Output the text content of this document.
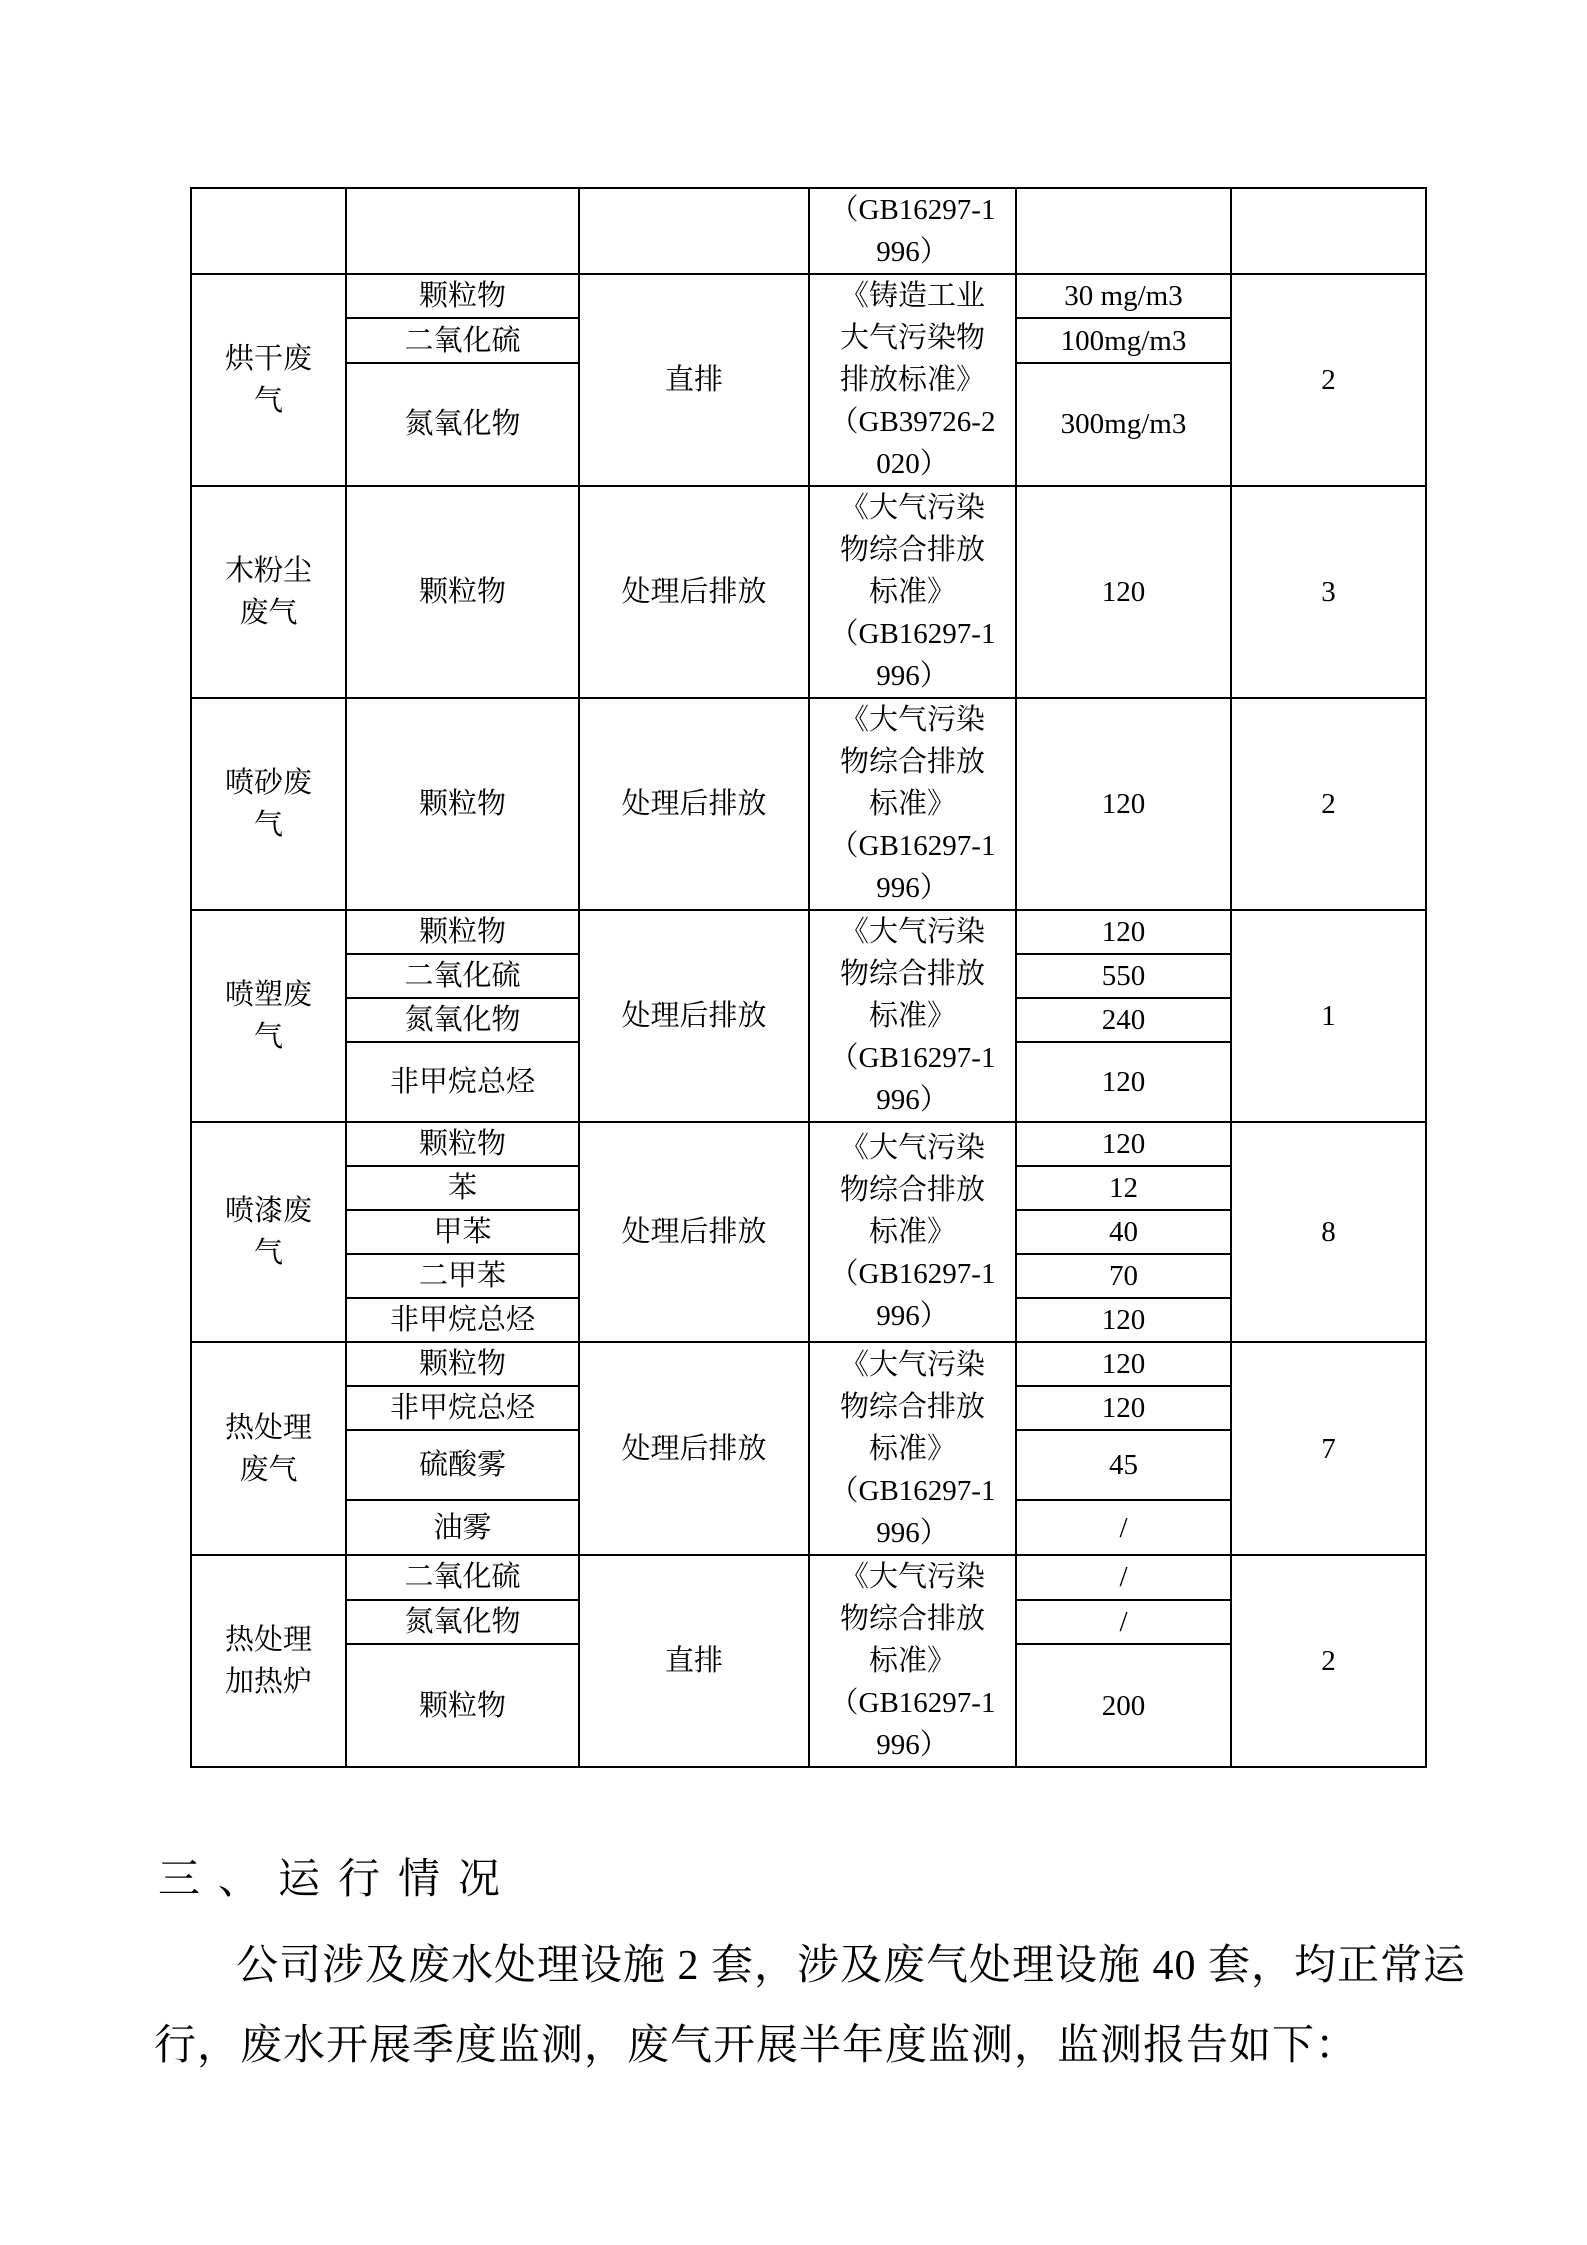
			（GB16297-1996）		

烘干废气	颗粒物	直排	《铸造工业大气污染物排放标准》
（GB39726-2020）	30 mg/m3	2
	二氧化硫			100mg/m3	
	氮氧化物			300mg/m3	
木粉尘废气	颗粒物	处理后排放	《大气污染物综合排放标准》
（GB16297-1996）	120	3
喷砂废气	颗粒物	处理后排放	《大气污染物综合排放标准》
（GB16297-1996）	120	2
喷塑废气	颗粒物	处理后排放	《大气污染物综合排放标准》
（GB16297-1996）	120	1
	二氧化硫			550	
	氮氧化物			240	
	非甲烷总烃			120	
喷漆废气	颗粒物	处理后排放	《大气污染物综合排放标准》
（GB16297-1996）	120	8
	苯			12	
	甲苯			40	
	二甲苯			70	
	非甲烷总烃			120	
热处理废气	颗粒物	处理后排放	《大气污染物综合排放标准》
（GB16297-1996）	120	7
	非甲烷总烃			120	
	硫酸雾			45	
	油雾			/	
热处理加热炉	二氧化硫	直排	《大气污染物综合排放标准》
（GB16297-1996）	/	2
	氮氧化物			/	
	颗粒物			200	
三、运行情况
公司涉及废水处理设施 2 套，涉及废气处理设施 40 套，均正常运
行，废水开展季度监测，废气开展半年度监测，监测报告如下：
